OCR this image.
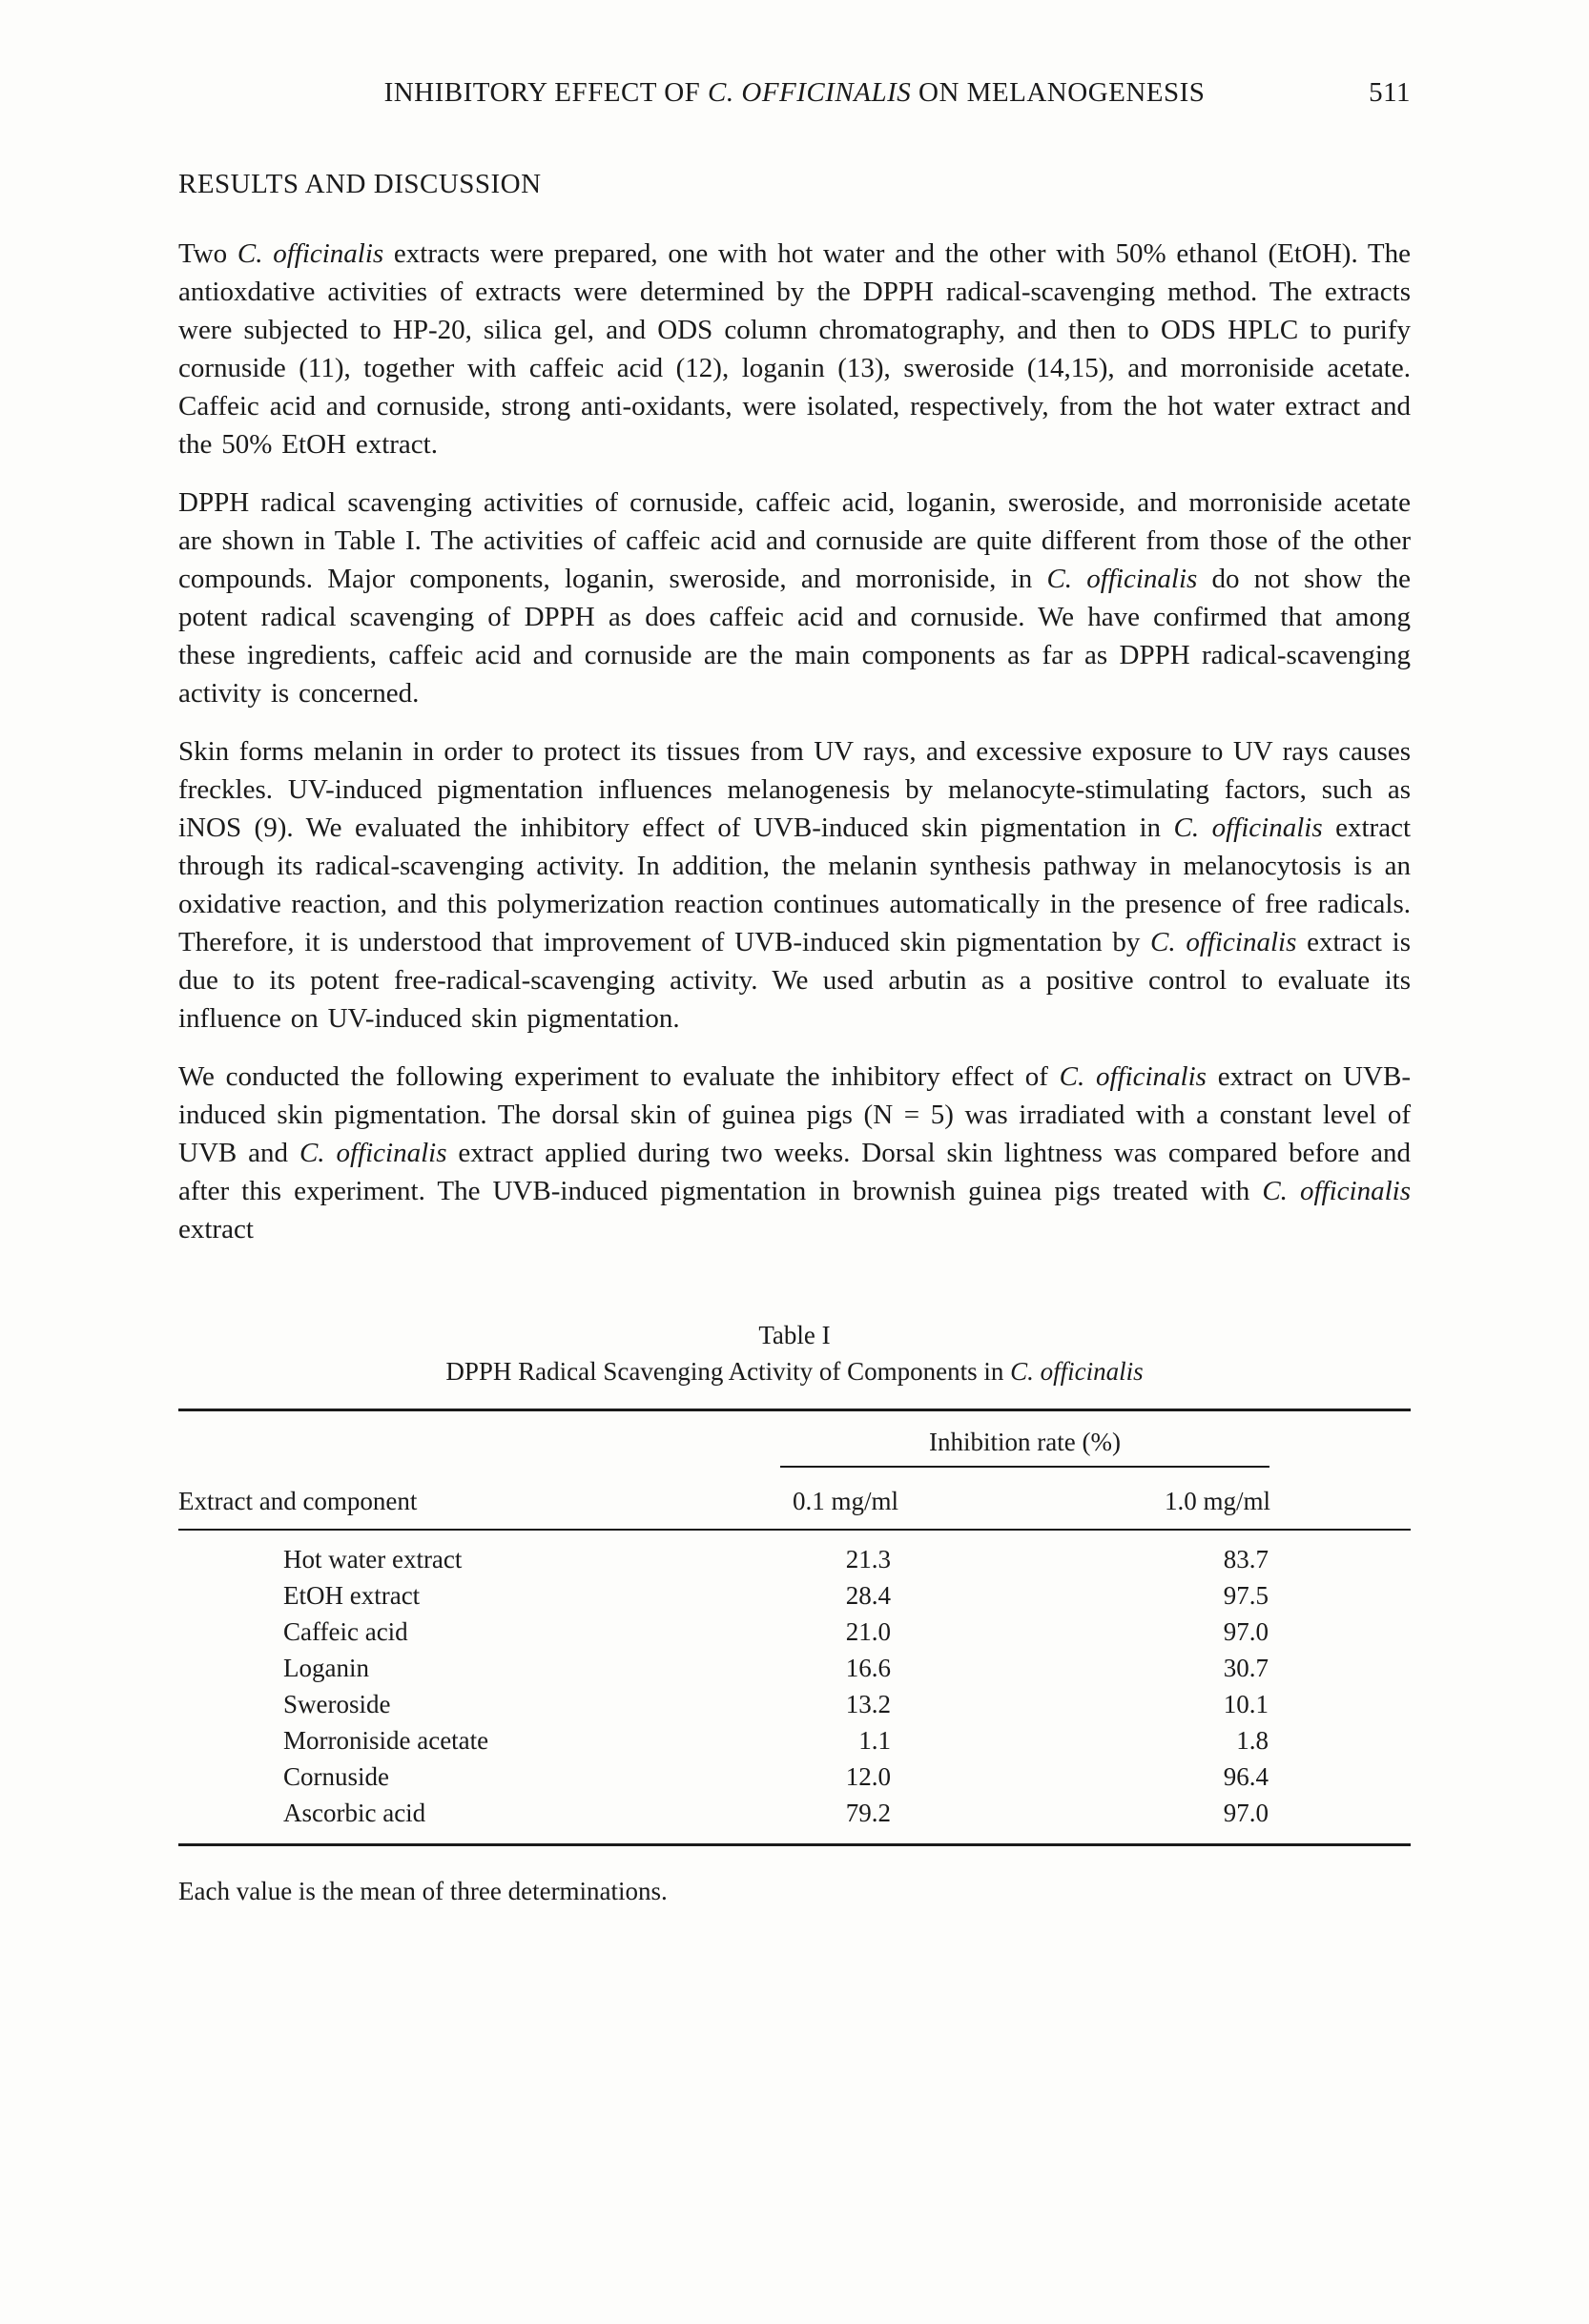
INHIBITORY EFFECT OF C. OFFICINALIS ON MELANOGENESIS	511
RESULTS AND DISCUSSION

Two C. officinalis extracts were prepared, one with hot water and the other with 50% ethanol (EtOH). The antioxdative activities of extracts were determined by the DPPH radical-scavenging method. The extracts were subjected to HP-20, silica gel, and ODS column chromatography, and then to ODS HPLC to purify cornuside (11), together with caffeic acid (12), loganin (13), sweroside (14,15), and morroniside acetate. Caffeic acid and cornuside, strong anti-oxidants, were isolated, respectively, from the hot water extract and the 50% EtOH extract.

DPPH radical scavenging activities of cornuside, caffeic acid, loganin, sweroside, and morroniside acetate are shown in Table I. The activities of caffeic acid and cornuside are quite different from those of the other compounds. Major components, loganin, sweroside, and morroniside, in C. officinalis do not show the potent radical scavenging of DPPH as does caffeic acid and cornuside. We have confirmed that among these ingredients, caffeic acid and cornuside are the main components as far as DPPH radical-scavenging activity is concerned.

Skin forms melanin in order to protect its tissues from UV rays, and excessive exposure to UV rays causes freckles. UV-induced pigmentation influences melanogenesis by melanocyte-stimulating factors, such as iNOS (9). We evaluated the inhibitory effect of UVB-induced skin pigmentation in C. officinalis extract through its radical-scavenging activity. In addition, the melanin synthesis pathway in melanocytosis is an oxidative reaction, and this polymerization reaction continues automatically in the presence of free radicals. Therefore, it is understood that improvement of UVB-induced skin pigmentation by C. officinalis extract is due to its potent free-radical-scavenging activity. We used arbutin as a positive control to evaluate its influence on UV-induced skin pigmentation.

We conducted the following experiment to evaluate the inhibitory effect of C. officinalis extract on UVB-induced skin pigmentation. The dorsal skin of guinea pigs (N = 5) was irradiated with a constant level of UVB and C. officinalis extract applied during two weeks. Dorsal skin lightness was compared before and after this experiment. The UVB-induced pigmentation in brownish guinea pigs treated with C. officinalis extract

Table I
DPPH Radical Scavenging Activity of Components in C. officinalis

	Inhibition rate (%)		

Extract and component	0.1 mg/ml	1.0 mg/ml	
Hot water extract	21.3	83.7	
EtOH extract	28.4	97.5	
Caffeic acid	21.0	97.0	
Loganin	16.6	30.7	
Sweroside	13.2	10.1	
Morroniside acetate	1.1	1.8	
Cornuside	12.0	96.4	
Ascorbic acid	79.2	97.0	
Each value is the mean of three determinations.
